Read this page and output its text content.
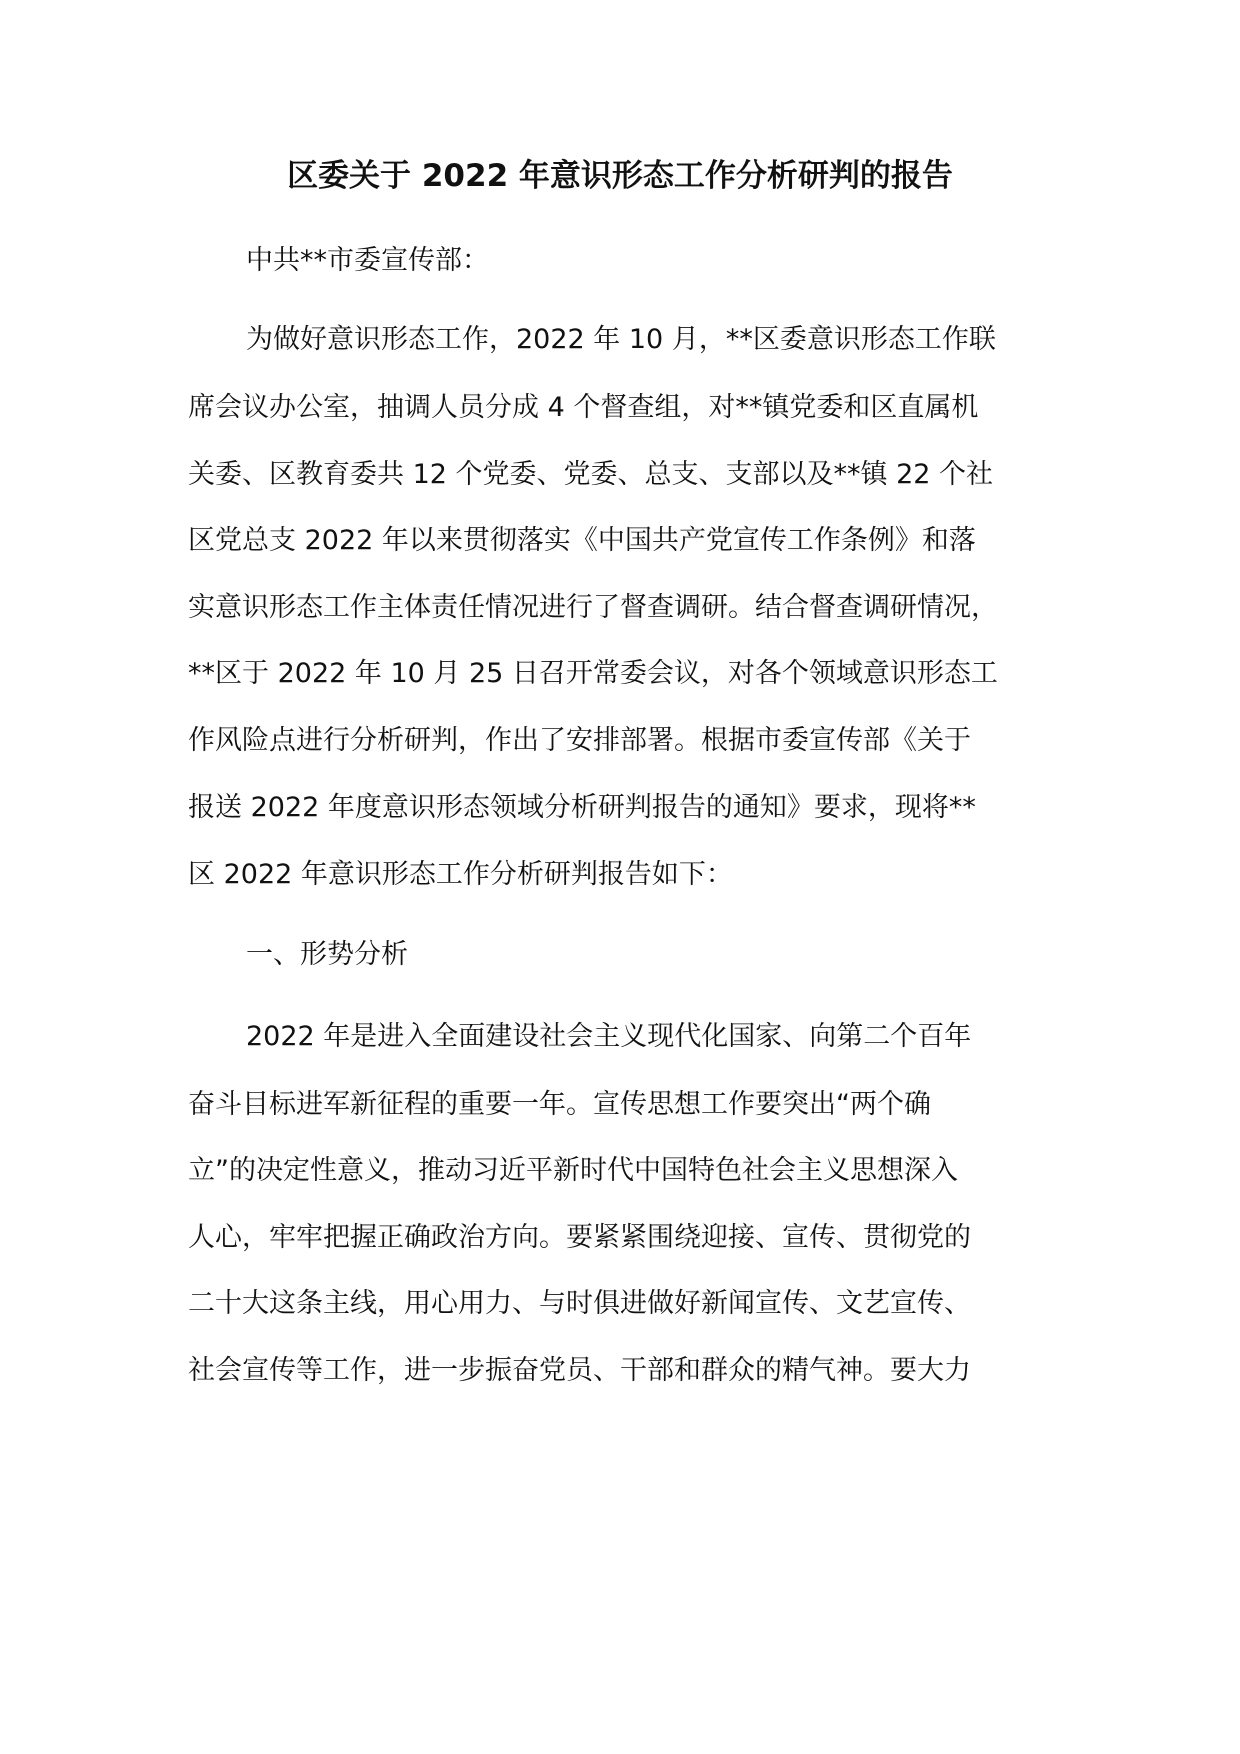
区委关于 2022 年意识形态工作分析研判的报告
中共**市委宣传部：
为做好意识形态工作，2022 年 10 月，**区委意识形态工作联
席会议办公室，抽调人员分成 4 个督查组，对**镇党委和区直属机
关委、区教育委共 12 个党委、党委、总支、支部以及**镇 22 个社
区党总支 2022 年以来贯彻落实《中国共产党宣传工作条例》和落
实意识形态工作主体责任情况进行了督查调研。结合督查调研情况，
**区于 2022 年 10 月 25 日召开常委会议，对各个领域意识形态工
作风险点进行分析研判，作出了安排部署。根据市委宣传部《关于
报送 2022 年度意识形态领域分析研判报告的通知》要求，现将**
区 2022 年意识形态工作分析研判报告如下：
一、形势分析
2022 年是进入全面建设社会主义现代化国家、向第二个百年
奋斗目标进军新征程的重要一年。宣传思想工作要突出“两个确
立”的决定性意义，推动习近平新时代中国特色社会主义思想深入
人心，牢牢把握正确政治方向。要紧紧围绕迎接、宣传、贯彻党的
二十大这条主线，用心用力、与时俱进做好新闻宣传、文艺宣传、
社会宣传等工作，进一步振奋党员、干部和群众的精气神。要大力
